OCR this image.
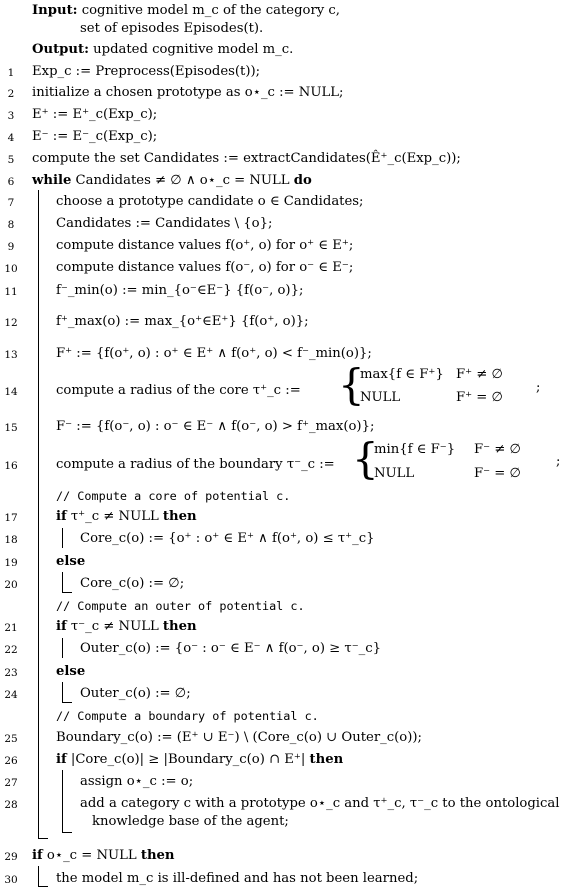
Input: cognitive model m_c of the category c,
set of episodes Episodes(t).
Output: updated cognitive model m_c.
1	Exp_c := Preprocess(Episodes(t));
2	initialize a chosen prototype as o⋆_c := NULL;
3	E⁺ := E⁺_c(Exp_c);
4	E⁻ := E⁻_c(Exp_c);
5	compute the set Candidates := extractCandidates(Ê⁺_c(Exp_c));
6	while Candidates ≠ ∅ ∧ o⋆_c = NULL do
7	choose a prototype candidate o ∈ Candidates;
8	Candidates := Candidates \ {o};
9	compute distance values f(o⁺, o) for o⁺ ∈ E⁺;
10	compute distance values f(o⁻, o) for o⁻ ∈ E⁻;
11	f⁻_min(o) := min_{o⁻∈E⁻} {f(o⁻, o)};
12	f⁺_max(o) := max_{o⁺∈E⁺} {f(o⁺, o)};
13	F⁺ := {f(o⁺, o) : o⁺ ∈ E⁺ ∧ f(o⁺, o) < f⁻_min(o)};
14	compute a radius of the core τ⁺_c := {
max{f ∈ F⁺} F⁺ ≠ ∅
NULL	F⁺ = ∅
;
15	F⁻ := {f(o⁻, o) : o⁻ ∈ E⁻ ∧ f(o⁻, o) > f⁺_max(o)};
16	compute a radius of the boundary τ⁻_c := {
min{f ∈ F⁻} F⁻ ≠ ∅
NULL	F⁻ = ∅
;
// Compute a core of potential c.
17	if τ⁺_c ≠ NULL then
18	Core_c(o) := {o⁺ : o⁺ ∈ E⁺ ∧ f(o⁺, o) ≤ τ⁺_c}
19	else
20	Core_c(o) := ∅;
// Compute an outer of potential c.
21	if τ⁻_c ≠ NULL then
22	Outer_c(o) := {o⁻ : o⁻ ∈ E⁻ ∧ f(o⁻, o) ≥ τ⁻_c}
23	else
24	Outer_c(o) := ∅;
// Compute a boundary of potential c.
25	Boundary_c(o) := (E⁺ ∪ E⁻) \ (Core_c(o) ∪ Outer_c(o));
26	if |Core_c(o)| ≥ |Boundary_c(o) ∩ E⁺| then
27	assign o⋆_c := o;
28	add a category c with a prototype o⋆_c and τ⁺_c, τ⁻_c to the ontological
knowledge base of the agent;
29	if o⋆_c = NULL then
30	the model m_c is ill-defined and has not been learned;
